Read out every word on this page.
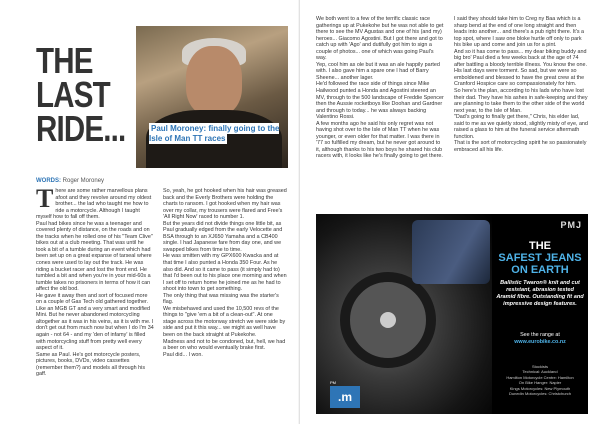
THE
LAST
RIDE...	Paul Moroney: finally going to the Isle of Man TT races
WORDS: Roger Moroney

There are some rather marvellous plans afoot and they revolve around my oldest brother... the lad who taught me how to ride a motorcycle. Although I taught myself how to fall off them.

Paul had bikes since he was a teenager and covered plenty of distance, on the roads and on the tracks when he rolled one of his "Team Clive" bikes out at a club meeting. That was until he took a bit of a tumble during an event which had been set up on a great expanse of tarseal where cones were used to lay out the track. He was riding a bucket racer and lost the front end. He tumbled a bit and when you're in your mid-60s a tumble takes no prisoners in terms of how it can affect the old bod.

He gave it away then and sort of focused more on a couple of Gas Tech old gathered together. Like an MGB GT and a very smart and modified Mini. But he never abandoned motorcycling altogether as it was in his veins, as it is with me. I don't get out from much now but when I do I'm 34 again - not 64 - and my 'den of infamy' is filled with motorcycling stuff from pretty well every aspect of it.

Same as Paul. He's got motorcycle posters, pictures, books, DVDs, video cassettes (remember them?) and models all through his gaff.

So, yeah, he got hooked when his hair was greased back and the Everly Brothers were holding the charts to ransom. I got hooked when my hair was over my collar, my trousers were flared and Free's 'All Right Now' raced to number 1.

But the years did not divide things one little bit, as Paul gradually edged from the early Velocette and BSA through to an XJ650 Yamaha and a CB400 single. I had Japanese fare from day one, and we swapped bikes from time to time.

He was smitten with my GPX600 Kwacka and at that time I also punted a Honda 350 Four. As he also did. And so it came to pass (it simply had to) that I'd been out to his place one morning and when I set off to return home he joined me as he had to shoot into town to get something.

The only thing that was missing was the starter's flag.

We misbehaved and used the 10,500 revs of the things to "give 'em a bit of a clean-out". At one stage across the motorway stretch we were side by side and put it this way... we might as well have been on the back straight at Pukekohe.

Madness and not to be condoned, but, hell, we had a beer on who would eventually brake first.

Paul did... I won.

We both went to a few of the terrific classic race gatherings up at Pukekohe but he was not able to get there to see the MV Agustas and one of his (and my) heroes... Giacomo Agostini. But I got there and got to catch up with 'Ago' and dutifully got him to sign a couple of photos... one of which was going Paul's way.

Yep, cool him as ole but it was an ale happily parted with. I also gave him a spare one I had of Barry Sheene... another lager.

He'd followed the race side of things since Mike Hailwood punted a Honda and Agostini steered an MV, through to the 500 landscape of Freddie Spencer then the Aussie rocketboys like Doohan and Gardner and through to today... he was always backing Valentino Rossi.

A few months ago he said his only regret was not having shot over to the Isle of Man TT when he was younger, or even older for that matter. I was there in '77 so fulfilled my dream, but he never got around to it, although thanks to his two boys he shared his club racers with, it looks like he's finally going to get there.

I said they should take him to Creg ny Baa which is a sharp bend at the end of one long straight and then leads into another... and there's a pub right there. It's a top spot, where I saw one bloke hurtle off only to park his bike up and come and join us for a pint.

And so it has come to pass... my dear biking buddy and big bro' Paul died a few weeks back at the age of 74 after battling a bloody terrible illness. You know the one. His last days were torment. So sad, but we were so emboldened and blessed to have the great crew at the Cranford Hospice care so compassionately for him.

So here's the plan, according to his lads who have lost their dad. They have his ashes in safe-keeping and they are planning to take them to the other side of the world next year, to the Isle of Man.

"Dad's going to finally get there," Chris, his elder lad, said to me as we quietly stood, slightly misty of eye, and raised a glass to him at the funeral service aftermath function.

That is the sort of motorcycling spirit he so passionately embraced all his life.

PMJ
THE
SAFEST JEANS
ON EARTH
Ballistic Twaron® knit and cut resistant, abrasion tested Aramid fibre. Outstanding fit and impressive design features.
See the range at
www.eurobike.co.nz
Stockists
Technical: Auckland
Hamilton Motorcycle Centre: Hamilton
On Bike Hanger: Napier
Kings Motorcycles: New Plymouth
Dunedin Motorcycles: Christchurch
PM
.m
